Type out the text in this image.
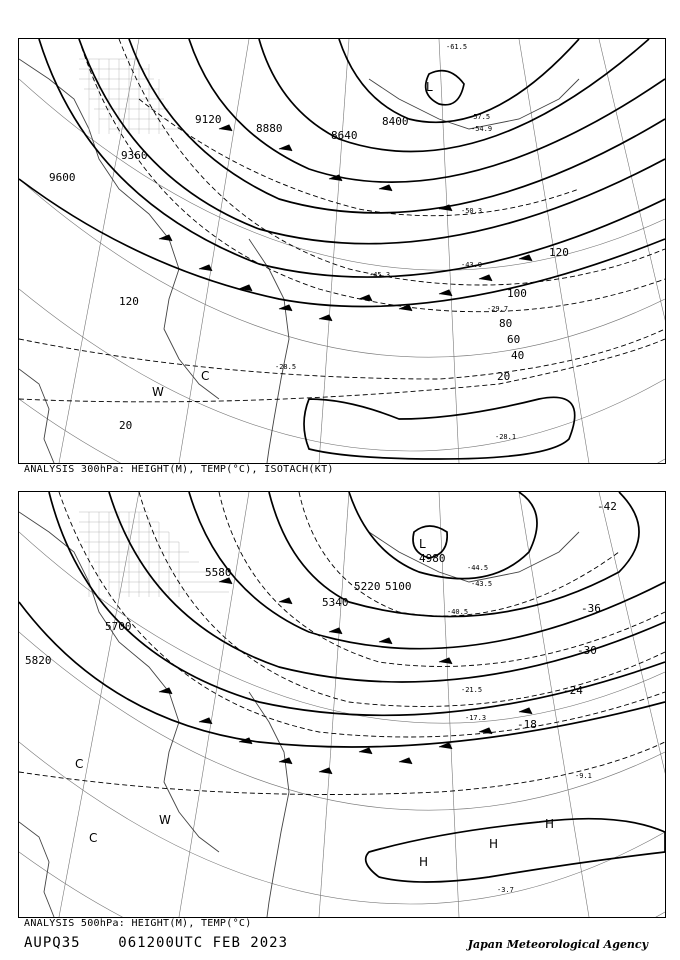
9600
9360
9120
8880
8640
8400
20
20
40
60
80
100
120
120
L
C
W
-61.5
-57.5
-54.9
-50.3
-45.3
-43.9
-29.7
-28.5
-28.1
ANALYSIS 300hPa: HEIGHT(M), TEMP(°C), ISOTACH(KT)
5820
5700
5580
5340
5220 5100
4980
-42
-36
-30
-24
-18
L
H
H
H
C
C
W
-44.5
-43.5
-40.5
-21.5
-17.3
-9.1
-3.7
ANALYSIS 500hPa: HEIGHT(M), TEMP(°C)
AUPQ35	061200UTC FEB 2023	Japan Meteorological Agency
